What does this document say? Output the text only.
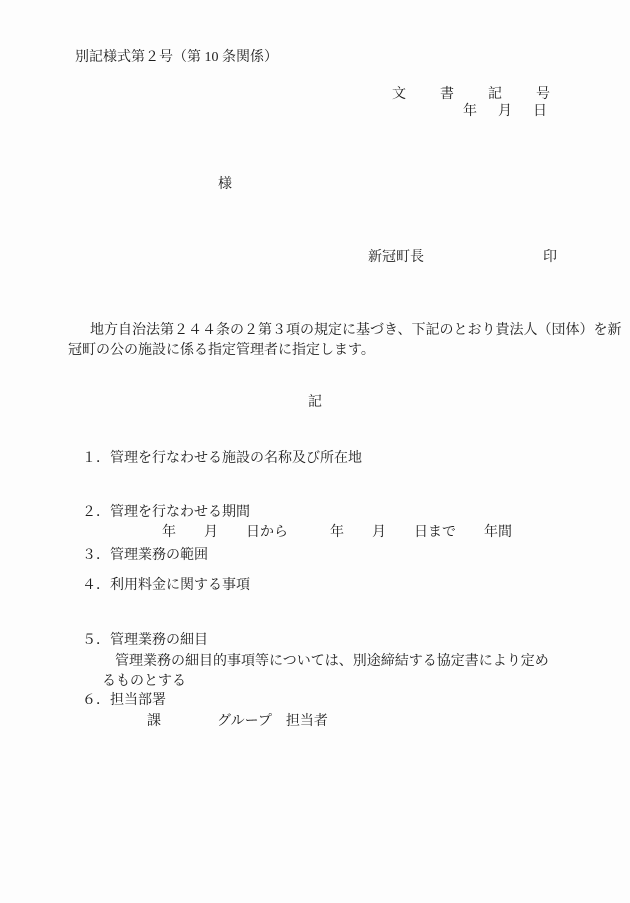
別記様式第２号（第 10 条関係）
文書記号
年月日
様
新冠町長	印
地方自治法第２４４条の２第３項の規定に基づき、下記のとおり貴法人（団体）を新
冠町の公の施設に係る指定管理者に指定します。
記
１．管理を行なわせる施設の名称及び所在地
２．管理を行なわせる期間
年　　月　　日から　　　年　　月　　日まで　　年間
３．管理業務の範囲
４．利用料金に関する事項
５．管理業務の細目
管理業務の細目的事項等については、別途締結する協定書により定め
るものとする
６．担当部署
課　　　　グループ　担当者
